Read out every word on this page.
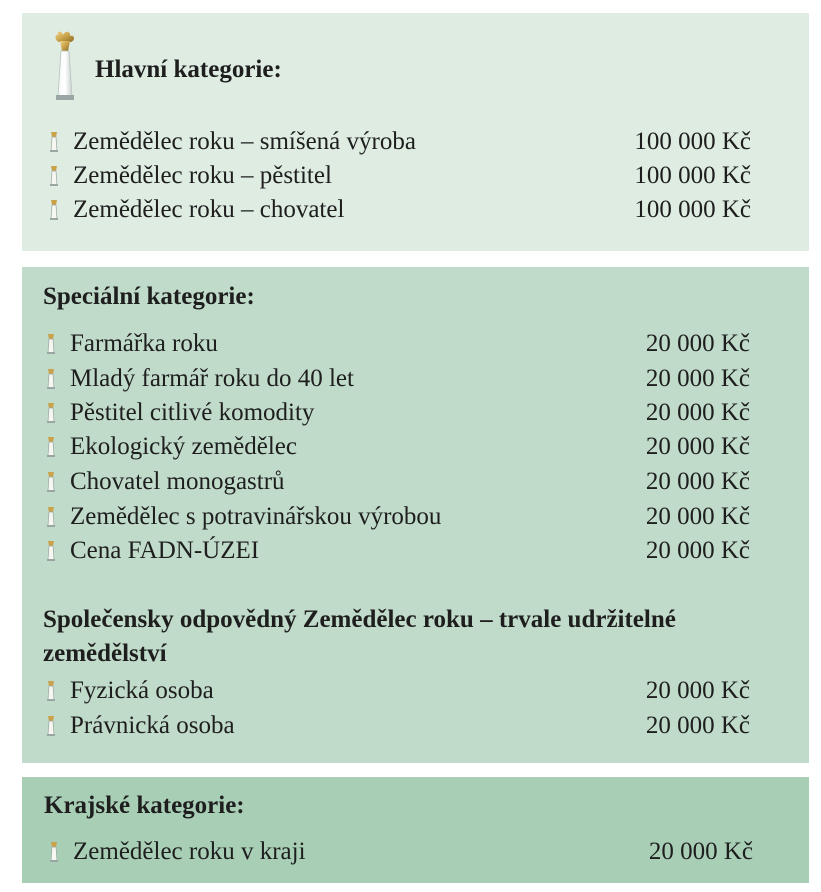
Hlavní kategorie:
Zemědělec roku – smíšená výroba	100 000 Kč
Zemědělec roku – pěstitel	100 000 Kč
Zemědělec roku – chovatel	100 000 Kč
Speciální kategorie:
Farmářka roku	20 000 Kč
Mladý farmář roku do 40 let	20 000 Kč
Pěstitel citlivé komodity	20 000 Kč
Ekologický zemědělec	20 000 Kč
Chovatel monogastrů	20 000 Kč
Zemědělec s potravinářskou výrobou	20 000 Kč
Cena FADN-ÚZEI	20 000 Kč
Společensky odpovědný Zemědělec roku – trvale udržitelné zemědělství
Fyzická osoba	20 000 Kč
Právnická osoba	20 000 Kč
Krajské kategorie:
Zemědělec roku v kraji	20 000 Kč
